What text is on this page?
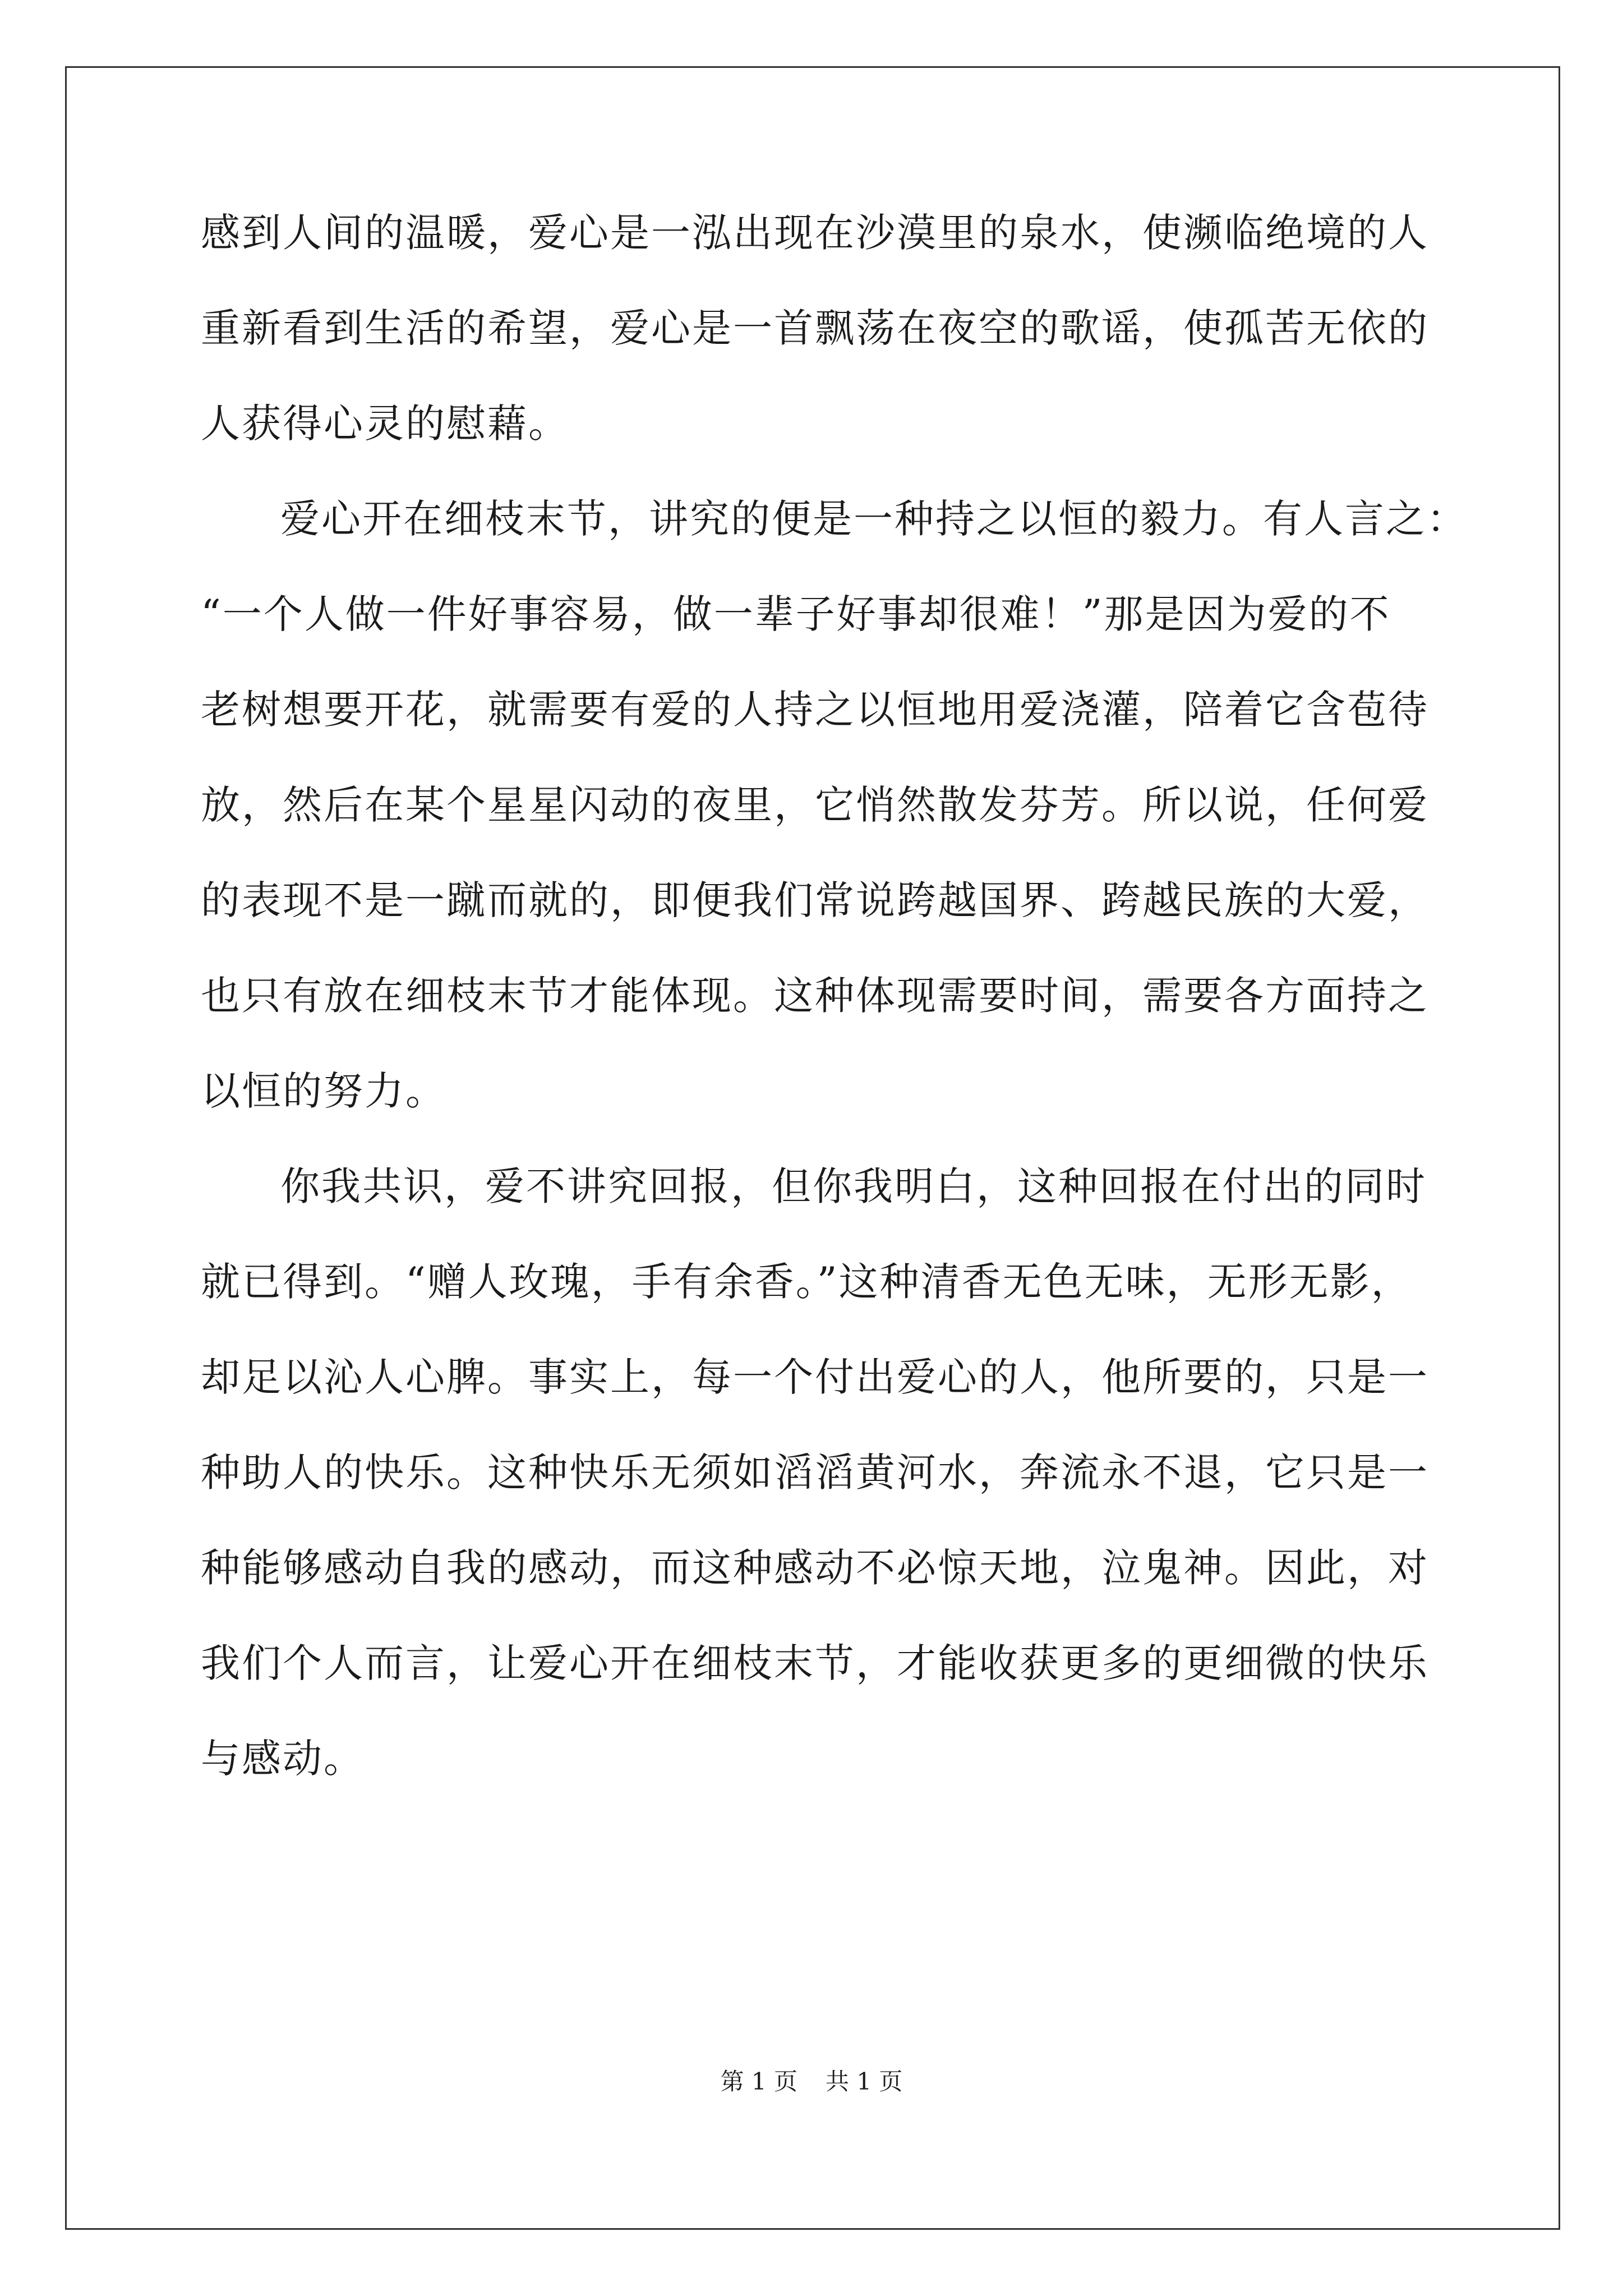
感到人间的温暖，爱心是一泓出现在沙漠里的泉水，使濒临绝境的人
重新看到生活的希望，爱心是一首飘荡在夜空的歌谣，使孤苦无依的
人获得心灵的慰藉。
爱心开在细枝末节，讲究的便是一种持之以恒的毅力。有人言之：
“一个人做一件好事容易，做一辈子好事却很难！”那是因为爱的不
老树想要开花，就需要有爱的人持之以恒地用爱浇灌，陪着它含苞待
放，然后在某个星星闪动的夜里，它悄然散发芬芳。所以说，任何爱
的表现不是一蹴而就的，即便我们常说跨越国界、跨越民族的大爱，
也只有放在细枝末节才能体现。这种体现需要时间，需要各方面持之
以恒的努力。
你我共识，爱不讲究回报，但你我明白，这种回报在付出的同时
就已得到。“赠人玫瑰，手有余香。”这种清香无色无味，无形无影，
却足以沁人心脾。事实上，每一个付出爱心的人，他所要的，只是一
种助人的快乐。这种快乐无须如滔滔黄河水，奔流永不退，它只是一
种能够感动自我的感动，而这种感动不必惊天地，泣鬼神。因此，对
我们个人而言，让爱心开在细枝末节，才能收获更多的更细微的快乐
与感动。
第 1 页 共 1 页
